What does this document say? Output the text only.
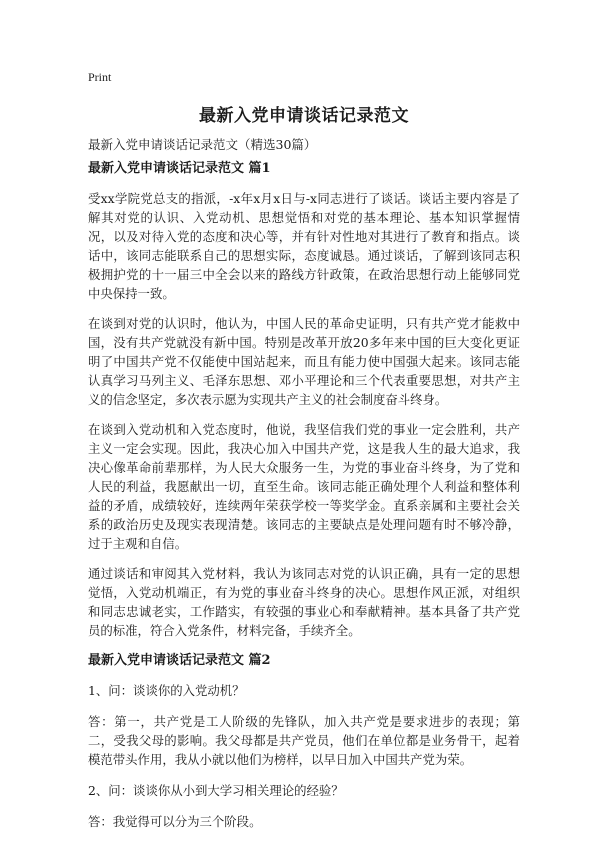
Print
最新入党申请谈话记录范文

最新入党申请谈话记录范文（精选30篇）

最新入党申请谈话记录范文 篇1

受xx学院党总支的指派，-x年x月x日与-x同志进行了谈话。谈话主要内容是了解其对党的认识、入党动机、思想觉悟和对党的基本理论、基本知识掌握情况，以及对待入党的态度和决心等，并有针对性地对其进行了教育和指点。谈话中，该同志能联系自己的思想实际，态度诚恳。通过谈话，了解到该同志积极拥护党的十一届三中全会以来的路线方针政策，在政治思想行动上能够同党中央保持一致。

在谈到对党的认识时，他认为，中国人民的革命史证明，只有共产党才能救中国，没有共产党就没有新中国。特别是改革开放20多年来中国的巨大变化更证明了中国共产党不仅能使中国站起来，而且有能力使中国强大起来。该同志能认真学习马列主义、毛泽东思想、邓小平理论和三个代表重要思想，对共产主义的信念坚定，多次表示愿为实现共产主义的社会制度奋斗终身。

在谈到入党动机和入党态度时，他说，我坚信我们党的事业一定会胜利，共产主义一定会实现。因此，我决心加入中国共产党，这是我人生的最大追求，我决心像革命前辈那样，为人民大众服务一生，为党的事业奋斗终身，为了党和人民的利益，我愿献出一切，直至生命。该同志能正确处理个人利益和整体利益的矛盾，成绩较好，连续两年荣获学校一等奖学金。直系亲属和主要社会关系的政治历史及现实表现清楚。该同志的主要缺点是处理问题有时不够冷静，过于主观和自信。

通过谈话和审阅其入党材料，我认为该同志对党的认识正确，具有一定的思想觉悟，入党动机端正，有为党的事业奋斗终身的决心。思想作风正派，对组织和同志忠诚老实，工作踏实，有较强的事业心和奉献精神。基本具备了共产党员的标准，符合入党条件，材料完备，手续齐全。

最新入党申请谈话记录范文 篇2

1、问：谈谈你的入党动机？

答：第一，共产党是工人阶级的先锋队，加入共产党是要求进步的表现；第二，受我父母的影响。我父母都是共产党员，他们在单位都是业务骨干，起着模范带头作用，我从小就以他们为榜样，以早日加入中国共产党为荣。

2、问：谈谈你从小到大学习相关理论的经验？

答：我觉得可以分为三个阶段。
